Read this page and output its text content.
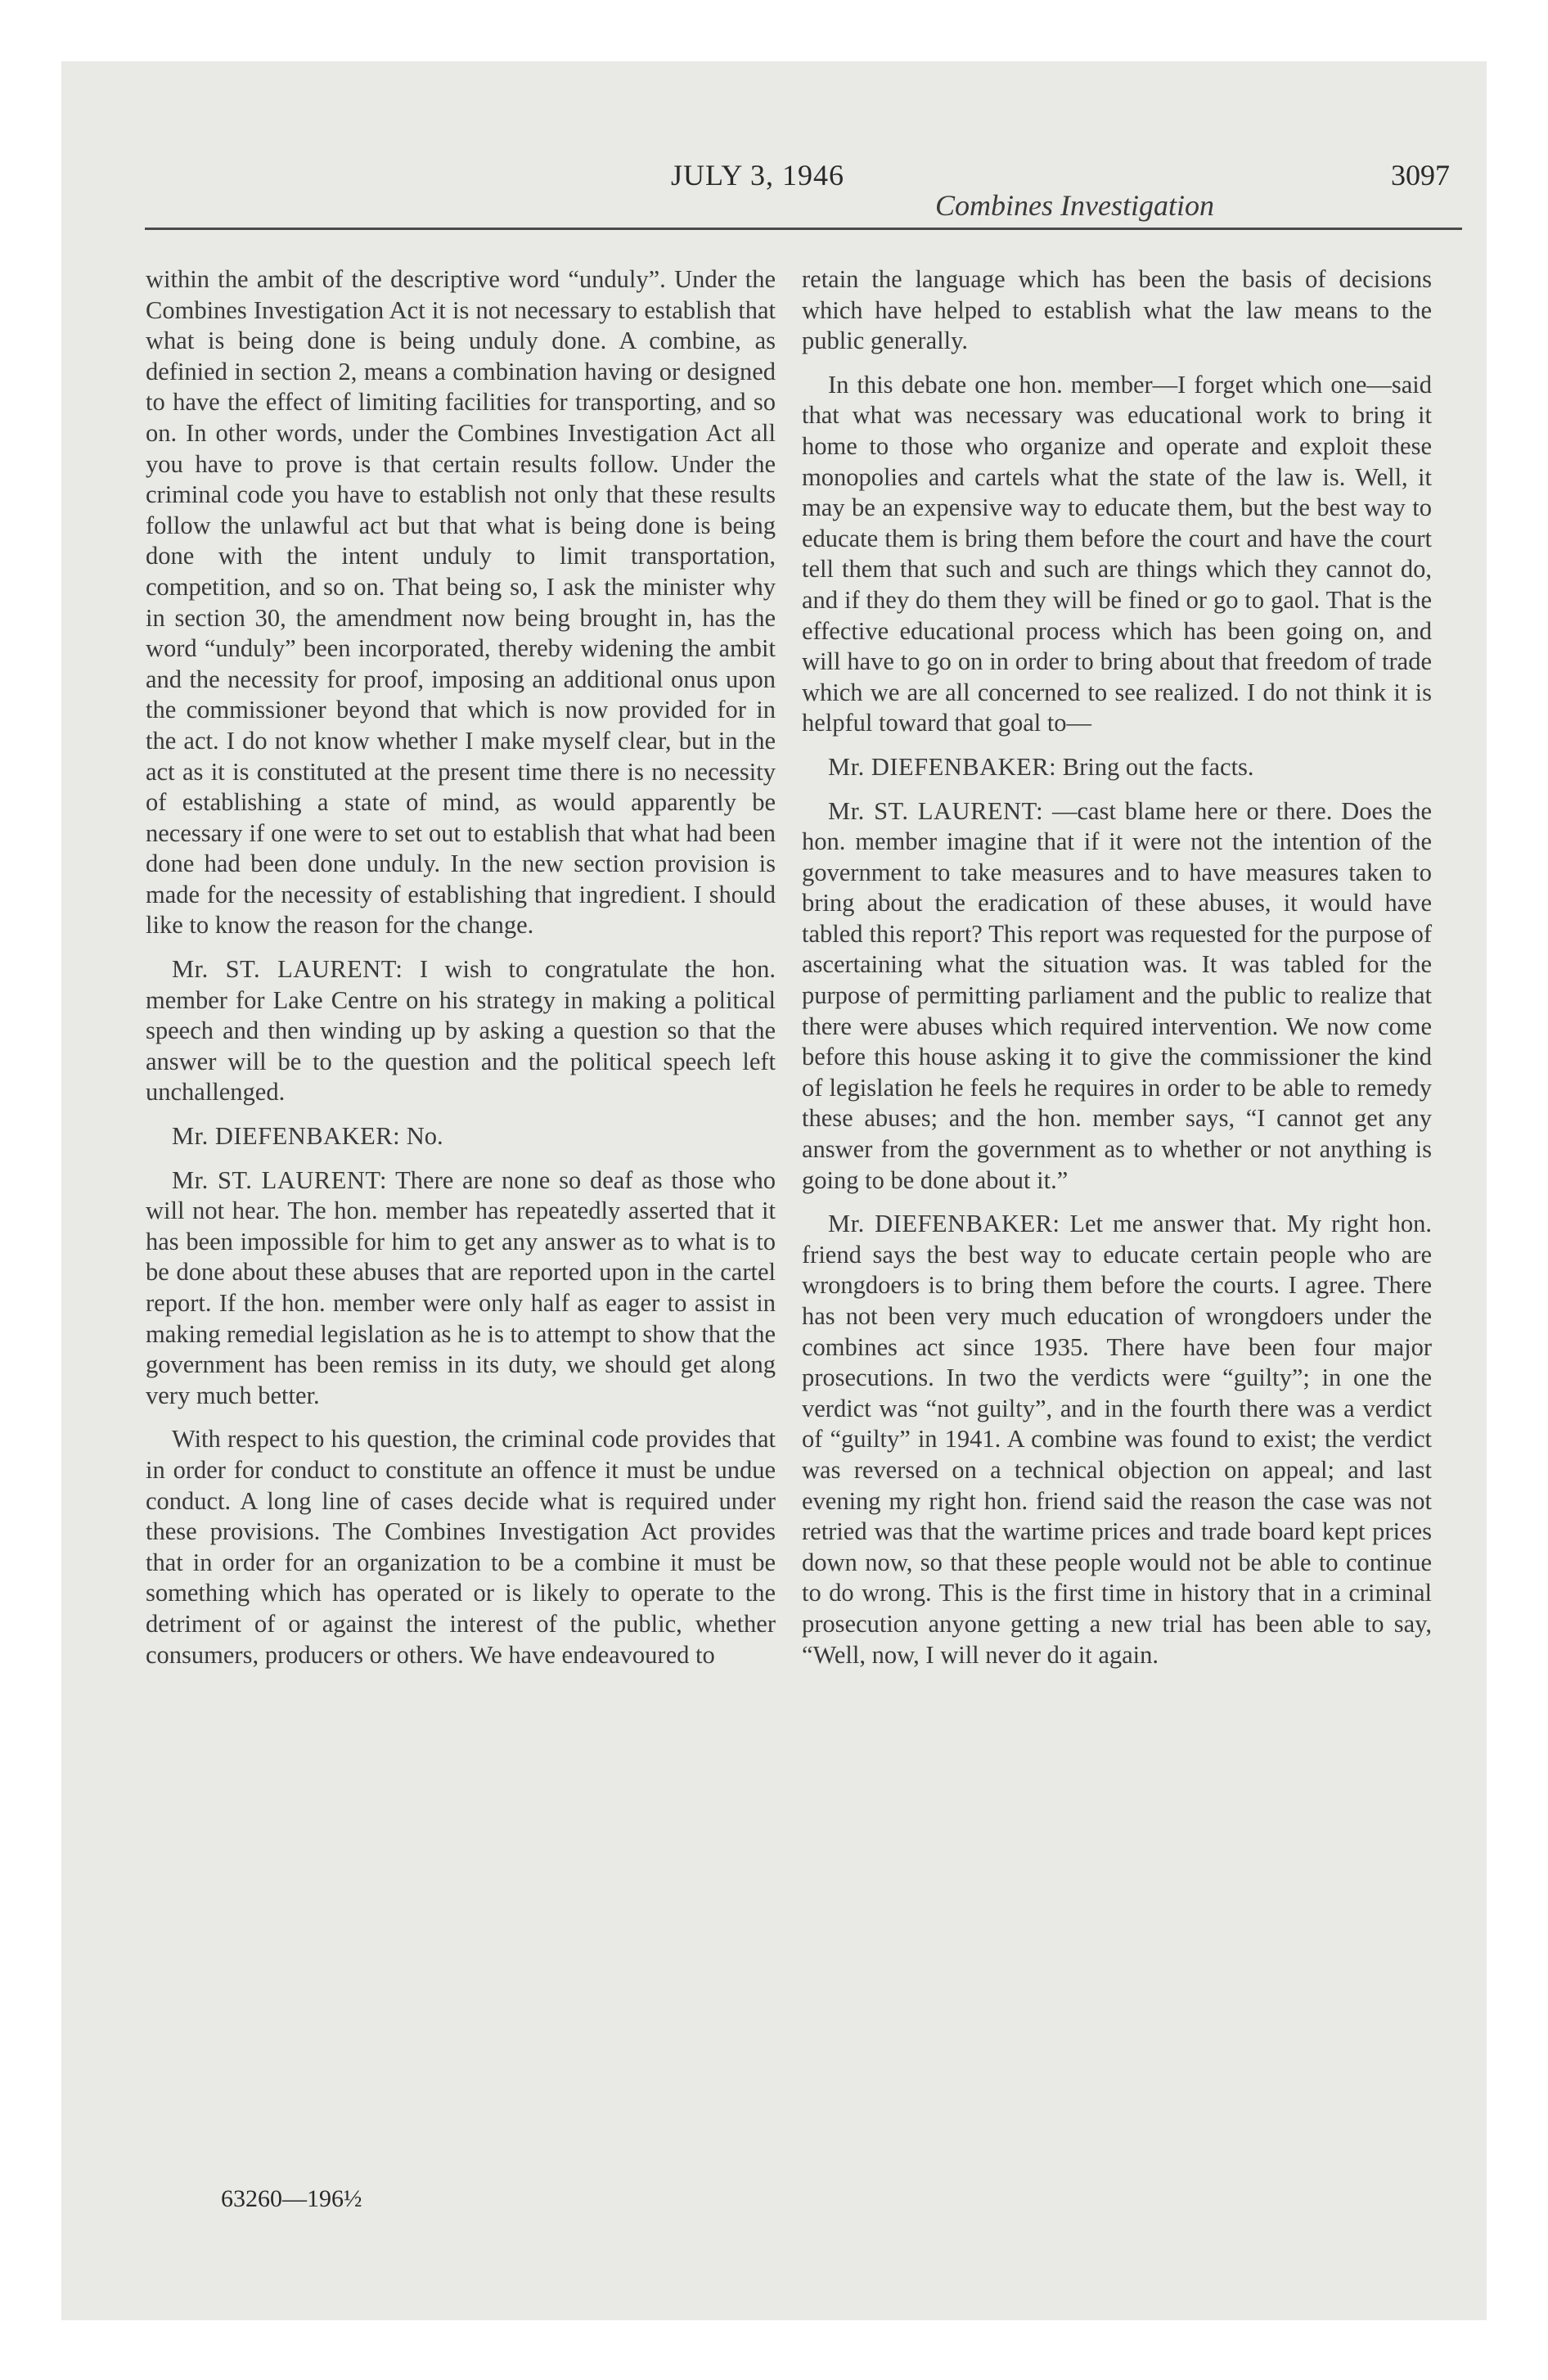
JULY 3, 1946	3097
Combines Investigation

within the ambit of the descriptive word “unduly”. Under the Combines Investigation Act it is not necessary to establish that what is being done is being unduly done. A combine, as definied in section 2, means a combination having or designed to have the effect of limiting facilities for transporting, and so on. In other words, under the Combines Investigation Act all you have to prove is that certain results follow. Under the criminal code you have to establish not only that these results follow the unlawful act but that what is being done is being done with the intent unduly to limit transportation, competition, and so on. That being so, I ask the minister why in section 30, the amendment now being brought in, has the word “unduly” been incorporated, thereby widening the ambit and the necessity for proof, imposing an additional onus upon the commissioner beyond that which is now provided for in the act. I do not know whether I make myself clear, but in the act as it is constituted at the present time there is no necessity of establishing a state of mind, as would apparently be necessary if one were to set out to establish that what had been done had been done unduly. In the new section provision is made for the necessity of establishing that ingredient. I should like to know the reason for the change.

Mr. ST. LAURENT: I wish to congratulate the hon. member for Lake Centre on his strategy in making a political speech and then winding up by asking a question so that the answer will be to the question and the political speech left unchallenged.

Mr. DIEFENBAKER: No.

Mr. ST. LAURENT: There are none so deaf as those who will not hear. The hon. member has repeatedly asserted that it has been impossible for him to get any answer as to what is to be done about these abuses that are reported upon in the cartel report. If the hon. member were only half as eager to assist in making remedial legislation as he is to attempt to show that the government has been remiss in its duty, we should get along very much better.

With respect to his question, the criminal code provides that in order for conduct to constitute an offence it must be undue conduct. A long line of cases decide what is required under these provisions. The Combines Investigation Act provides that in order for an organization to be a combine it must be something which has operated or is likely to operate to the detriment of or against the interest of the public, whether consumers, producers or others. We have endeavoured to

retain the language which has been the basis of decisions which have helped to establish what the law means to the public generally.

In this debate one hon. member—I forget which one—said that what was necessary was educational work to bring it home to those who organize and operate and exploit these monopolies and cartels what the state of the law is. Well, it may be an expensive way to educate them, but the best way to educate them is bring them before the court and have the court tell them that such and such are things which they cannot do, and if they do them they will be fined or go to gaol. That is the effective educational process which has been going on, and will have to go on in order to bring about that freedom of trade which we are all concerned to see realized. I do not think it is helpful toward that goal to—

Mr. DIEFENBAKER: Bring out the facts.

Mr. ST. LAURENT: —cast blame here or there. Does the hon. member imagine that if it were not the intention of the government to take measures and to have measures taken to bring about the eradication of these abuses, it would have tabled this report? This report was requested for the purpose of ascertaining what the situation was. It was tabled for the purpose of permitting parliament and the public to realize that there were abuses which required intervention. We now come before this house asking it to give the commissioner the kind of legislation he feels he requires in order to be able to remedy these abuses; and the hon. member says, “I cannot get any answer from the government as to whether or not anything is going to be done about it.”

Mr. DIEFENBAKER: Let me answer that. My right hon. friend says the best way to educate certain people who are wrongdoers is to bring them before the courts. I agree. There has not been very much education of wrongdoers under the combines act since 1935. There have been four major prosecutions. In two the verdicts were “guilty”; in one the verdict was “not guilty”, and in the fourth there was a verdict of “guilty” in 1941. A combine was found to exist; the verdict was reversed on a technical objection on appeal; and last evening my right hon. friend said the reason the case was not retried was that the wartime prices and trade board kept prices down now, so that these people would not be able to continue to do wrong. This is the first time in history that in a criminal prosecution anyone getting a new trial has been able to say, “Well, now, I will never do it again.

63260—196½
